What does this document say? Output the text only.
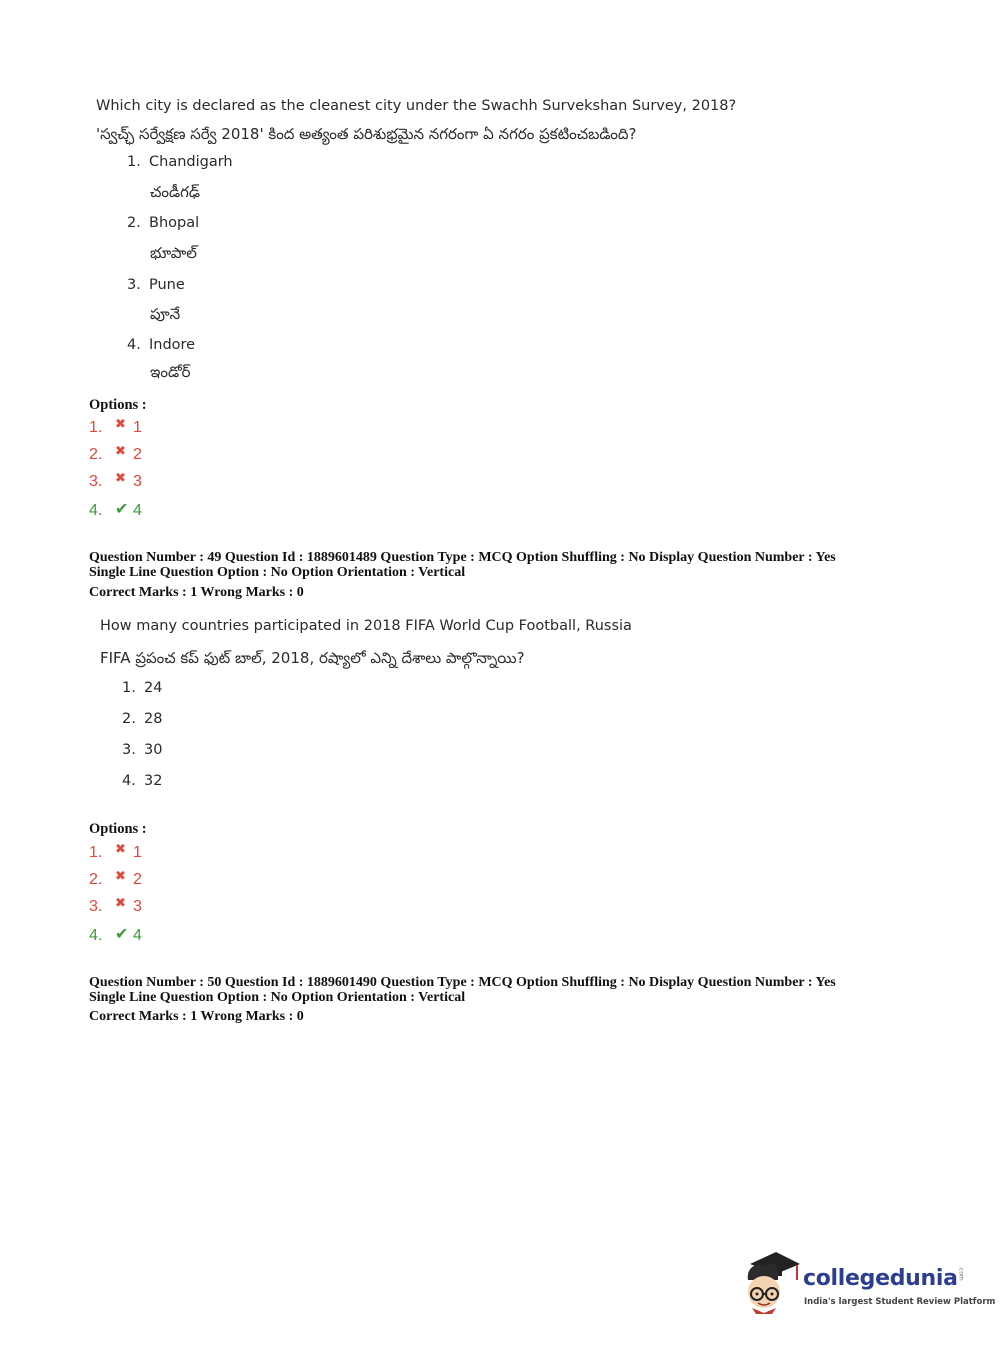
Which city is declared as the cleanest city under the Swachh Survekshan Survey, 2018?
'స్వచ్ఛ్ సర్వేక్షణ సర్వే 2018' కింద అత్యంత పరిశుభ్రమైన నగరంగా ఏ నగరం ప్రకటించబడింది?
1. Chandigarh
చండీగఢ్
2. Bhopal
భూపాల్
3. Pune
పూనే
4. Indore
ఇండోర్
Options :
1. ✖ 1
2. ✖ 2
3. ✖ 3
4. ✔ 4
Question Number : 49 Question Id : 1889601489 Question Type : MCQ Option Shuffling : No Display Question Number : Yes
Single Line Question Option : No Option Orientation : Vertical
Correct Marks : 1 Wrong Marks : 0
How many countries participated in 2018 FIFA World Cup Football, Russia
FIFA ప్రపంచ కప్ ఫుట్ బాల్, 2018, రష్యాలో ఎన్ని దేశాలు పాల్గొన్నాయి?
1. 24
2. 28
3. 30
4. 32
Options :
1. ✖ 1
2. ✖ 2
3. ✖ 3
4. ✔ 4
Question Number : 50 Question Id : 1889601490 Question Type : MCQ Option Shuffling : No Display Question Number : Yes
Single Line Question Option : No Option Orientation : Vertical
Correct Marks : 1 Wrong Marks : 0
collegedunia.com
India's largest Student Review Platform
